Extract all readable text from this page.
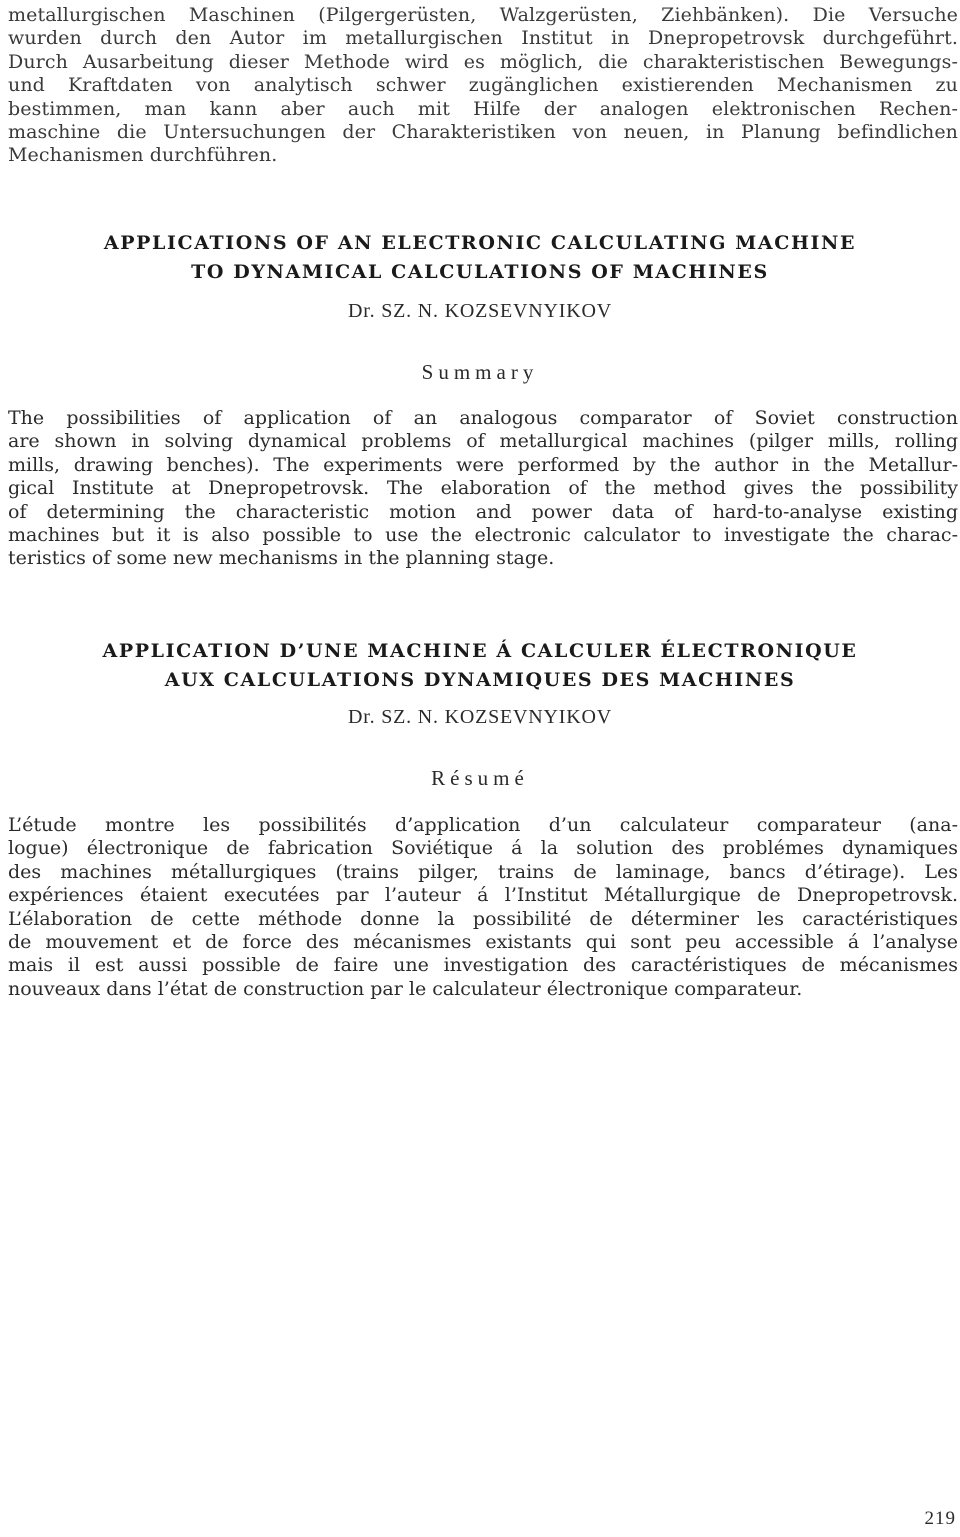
metallurgischen Maschinen (Pilgergerüsten, Walzgerüsten, Ziehbänken). Die Versuche
wurden durch den Autor im metallurgischen Institut in Dnepropetrovsk durchgeführt.
Durch Ausarbeitung dieser Methode wird es möglich, die charakteristischen Bewegungs-
und Kraftdaten von analytisch schwer zugänglichen existierenden Mechanismen zu
bestimmen, man kann aber auch mit Hilfe der analogen elektronischen Rechen-
maschine die Untersuchungen der Charakteristiken von neuen, in Planung befindlichen
Mechanismen durchführen.
APPLICATIONS OF AN ELECTRONIC CALCULATING MACHINE
TO DYNAMICAL CALCULATIONS OF MACHINES
Dr. SZ. N. KOZSEVNYIKOV
Summary
The possibilities of application of an analogous comparator of Soviet construction
are shown in solving dynamical problems of metallurgical machines (pilger mills, rolling
mills, drawing benches). The experiments were performed by the author in the Metallur-
gical Institute at Dnepropetrovsk. The elaboration of the method gives the possibility
of determining the characteristic motion and power data of hard-to-analyse existing
machines but it is also possible to use the electronic calculator to investigate the charac-
teristics of some new mechanisms in the planning stage.
APPLICATION D’UNE MACHINE Á CALCULER ÉLECTRONIQUE
AUX CALCULATIONS DYNAMIQUES DES MACHINES
Dr. SZ. N. KOZSEVNYIKOV
Résumé
L’étude montre les possibilités d’application d’un calculateur comparateur (ana-
logue) électronique de fabrication Soviétique á la solution des problémes dynamiques
des machines métallurgiques (trains pilger, trains de laminage, bancs d’étirage). Les
expériences étaient executées par l’auteur á l’Institut Métallurgique de Dnepropetrovsk.
L’élaboration de cette méthode donne la possibilité de déterminer les caractéristiques
de mouvement et de force des mécanismes existants qui sont peu accessible á l’analyse
mais il est aussi possible de faire une investigation des caractéristiques de mécanismes
nouveaux dans l’état de construction par le calculateur électronique comparateur.
219
